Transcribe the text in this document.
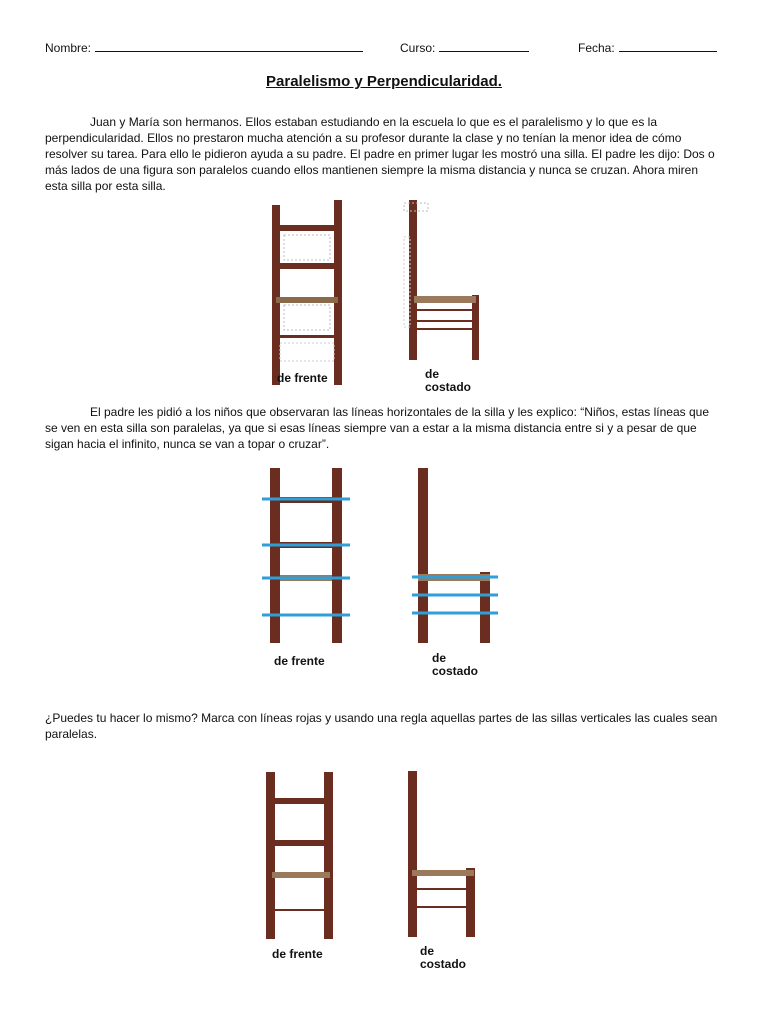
Nombre:	Curso:	Fecha:
Paralelismo y Perpendicularidad.

Juan y María son hermanos. Ellos estaban estudiando en la escuela lo que es el paralelismo y lo que es la perpendicularidad. Ellos no prestaron mucha atención a su profesor durante la clase y no tenían la menor idea de cómo resolver su tarea. Para ello le pidieron ayuda a su padre. El padre en primer lugar les mostró una silla. El padre les dijo: Dos o más lados de una figura son paralelos cuando ellos mantienen siempre la misma distancia y nunca se cruzan. Ahora miren esta silla por esta silla.

de frente	de
costado

El padre les pidió a los niños que observaran las líneas horizontales de la silla y les explico: “Niños, estas líneas que se ven en esta silla son paralelas, ya que si esas líneas siempre van a estar a la misma distancia entre si y a pesar de que sigan hacia el infinito, nunca se van a topar o cruzar”.

de frente	de
costado

¿Puedes tu hacer lo mismo? Marca con líneas rojas y usando una regla aquellas partes de las sillas verticales las cuales sean paralelas.

de frente	de
costado
